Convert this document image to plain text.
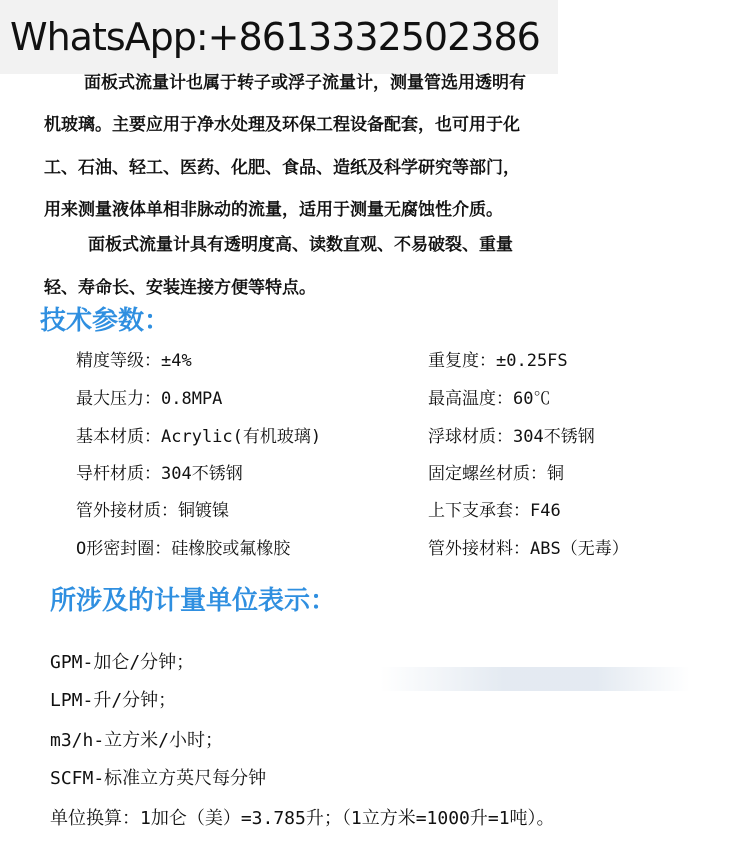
WhatsApp:+8613332502386
面板式流量计也属于转子或浮子流量计，测量管选用透明有
机玻璃。主要应用于净水处理及环保工程设备配套，也可用于化
工、石油、轻工、医药、化肥、食品、造纸及科学研究等部门，
用来测量液体单相非脉动的流量，适用于测量无腐蚀性介质。
面板式流量计具有透明度高、读数直观、不易破裂、重量
轻、寿命长、安装连接方便等特点。
技术参数：
精度等级：±4%
最大压力：0.8MPA
基本材质：Acrylic(有机玻璃)
导杆材质：304不锈钢
管外接材质：铜镀镍
O形密封圈：硅橡胶或氟橡胶
重复度：±0.25FS
最高温度：60℃
浮球材质：304不锈钢
固定螺丝材质：铜
上下支承套：F46
管外接材料：ABS（无毒）
所涉及的计量单位表示：
GPM-加仑/分钟；
LPM-升/分钟；
m3/h-立方米/小时；
SCFM-标准立方英尺每分钟
单位换算：1加仑（美）=3.785升；（1立方米=1000升=1吨）。
